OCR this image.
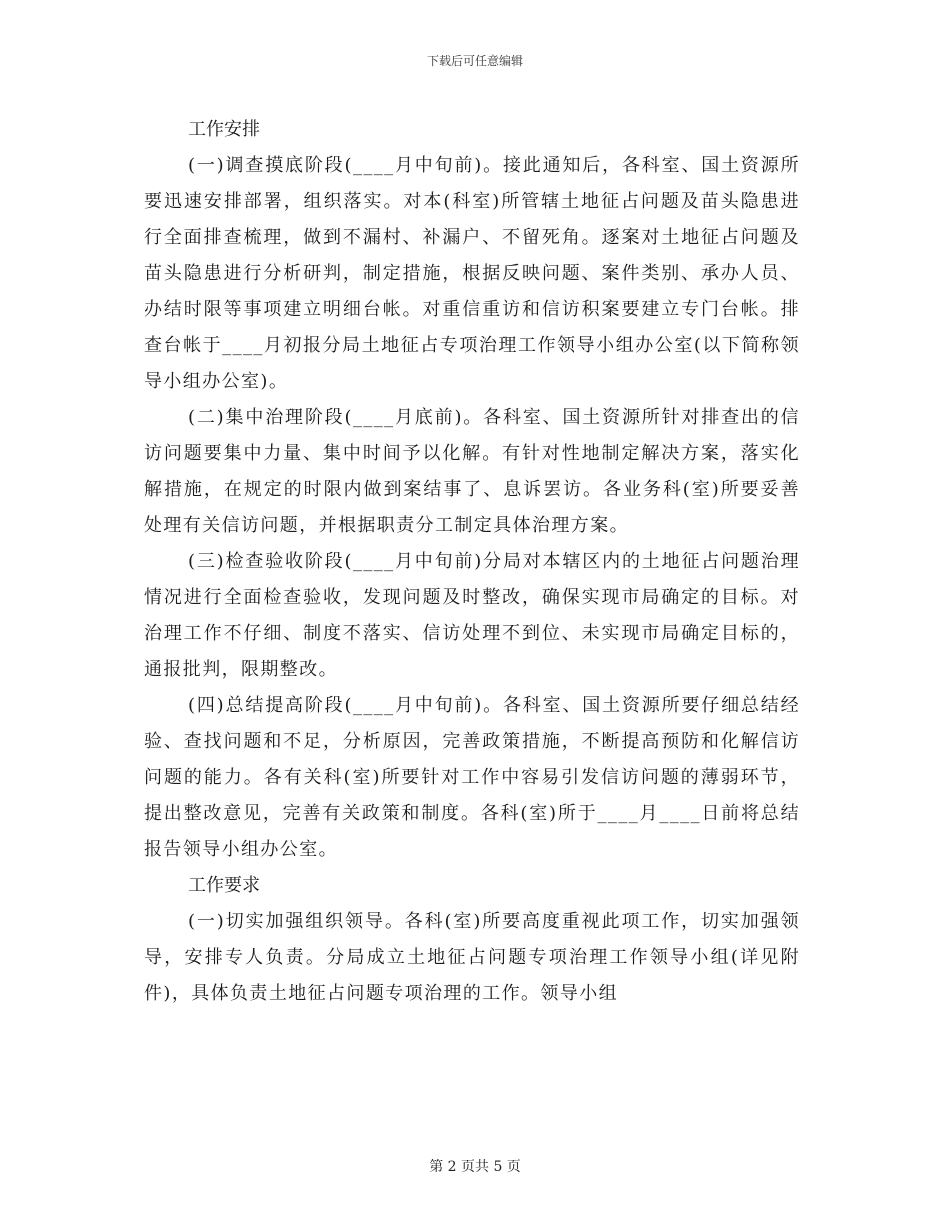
下载后可任意编辑

工作安排

(一)调查摸底阶段(____月中旬前)。接此通知后，各科室、国土资源所要迅速安排部署，组织落实。对本(科室)所管辖土地征占问题及苗头隐患进行全面排查梳理，做到不漏村、补漏户、不留死角。逐案对土地征占问题及苗头隐患进行分析研判，制定措施，根据反映问题、案件类别、承办人员、办结时限等事项建立明细台帐。对重信重访和信访积案要建立专门台帐。排查台帐于____月初报分局土地征占专项治理工作领导小组办公室(以下简称领导小组办公室)。

(二)集中治理阶段(____月底前)。各科室、国土资源所针对排查出的信访问题要集中力量、集中时间予以化解。有针对性地制定解决方案，落实化解措施，在规定的时限内做到案结事了、息诉罢访。各业务科(室)所要妥善处理有关信访问题，并根据职责分工制定具体治理方案。

(三)检查验收阶段(____月中旬前)分局对本辖区内的土地征占问题治理情况进行全面检查验收，发现问题及时整改，确保实现市局确定的目标。对治理工作不仔细、制度不落实、信访处理不到位、未实现市局确定目标的，通报批判，限期整改。

(四)总结提高阶段(____月中旬前)。各科室、国土资源所要仔细总结经验、查找问题和不足，分析原因，完善政策措施，不断提高预防和化解信访问题的能力。各有关科(室)所要针对工作中容易引发信访问题的薄弱环节，提出整改意见，完善有关政策和制度。各科(室)所于____月____日前将总结报告领导小组办公室。

工作要求

(一)切实加强组织领导。各科(室)所要高度重视此项工作，切实加强领导，安排专人负责。分局成立土地征占问题专项治理工作领导小组(详见附件)，具体负责土地征占问题专项治理的工作。领导小组

第 2 页共 5 页
